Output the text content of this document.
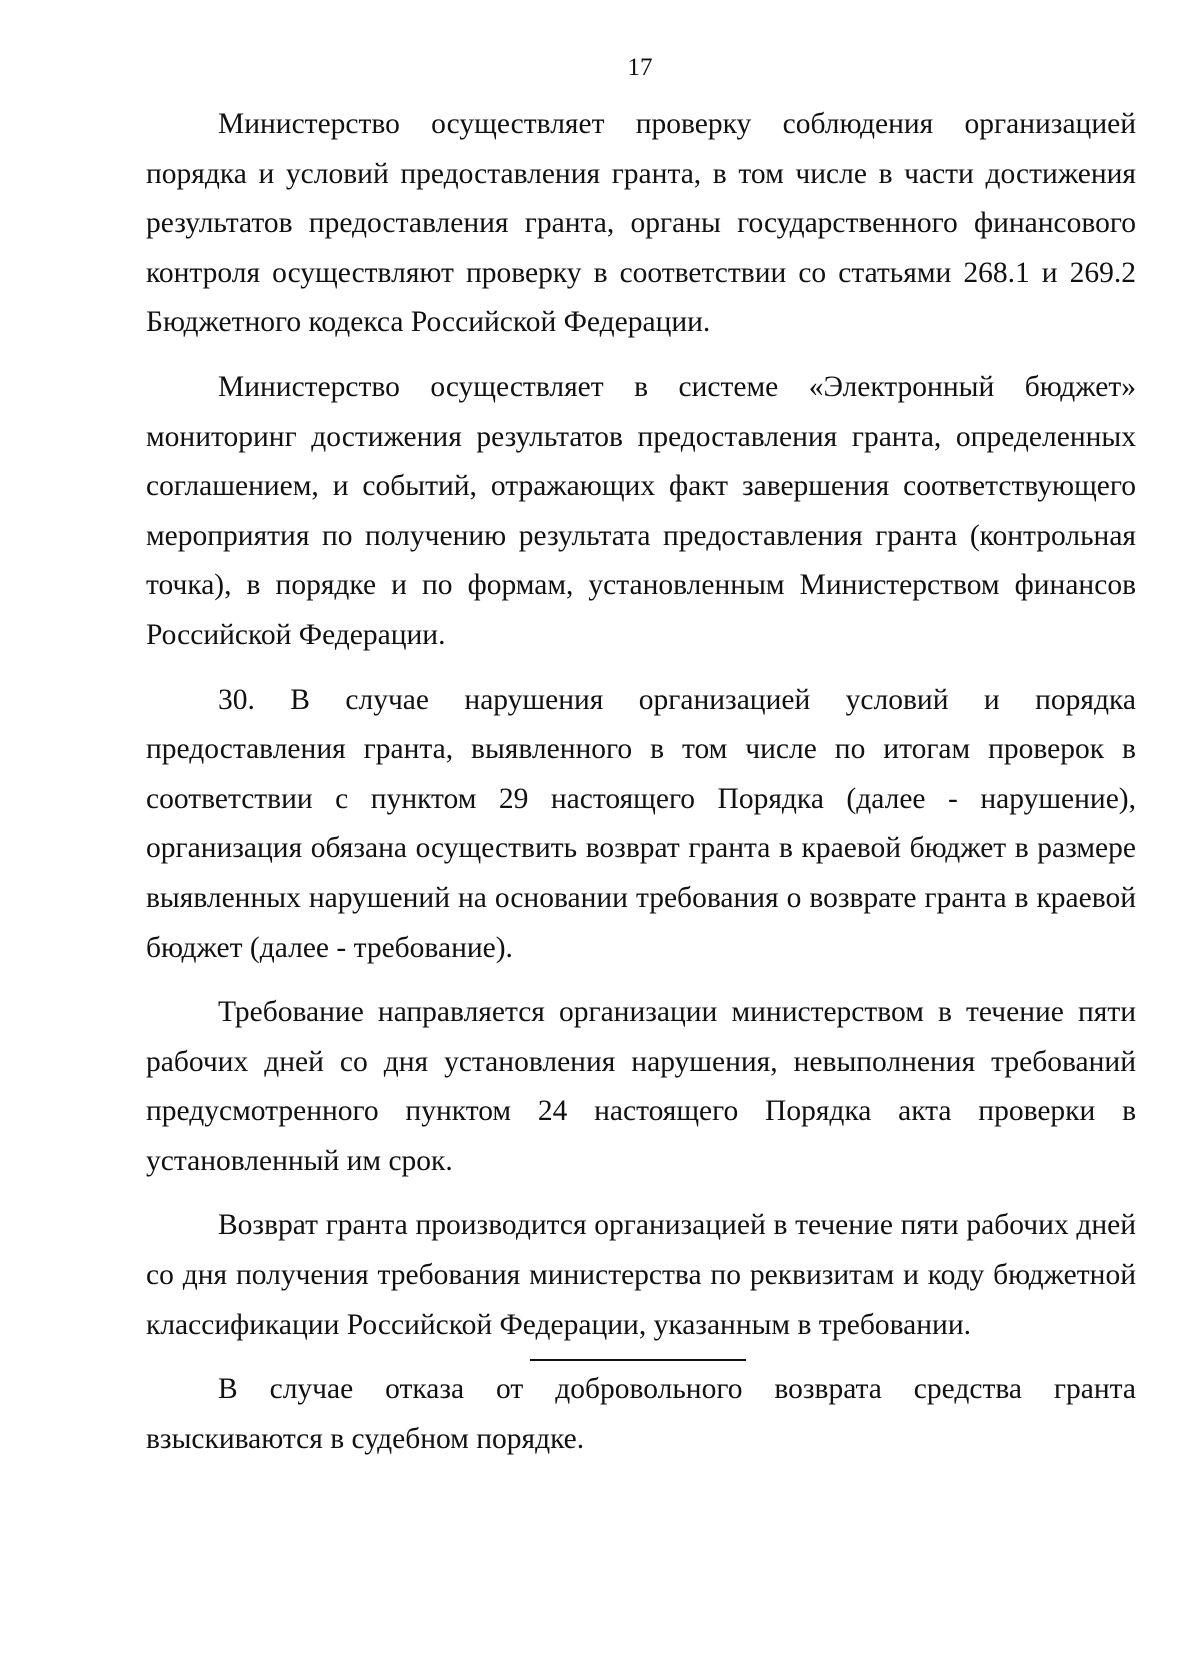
17

Министерство осуществляет проверку соблюдения организацией порядка и условий предоставления гранта, в том числе в части достижения результатов предоставления гранта, органы государственного финансового контроля осуществляют проверку в соответствии со статьями 268.1 и 269.2 Бюджетного кодекса Российской Федерации.

Министерство осуществляет в системе «Электронный бюджет» мониторинг достижения результатов предоставления гранта, определенных соглашением, и событий, отражающих факт завершения соответствующего мероприятия по получению результата предоставления гранта (контрольная точка), в порядке и по формам, установленным Министерством финансов Российской Федерации.

30. В случае нарушения организацией условий и порядка предоставления гранта, выявленного в том числе по итогам проверок в соответствии с пунктом 29 настоящего Порядка (далее - нарушение), организация обязана осуществить возврат гранта в краевой бюджет в размере выявленных нарушений на основании требования о возврате гранта в краевой бюджет (далее - требование).

Требование направляется организации министерством в течение пяти рабочих дней со дня установления нарушения, невыполнения требований предусмотренного пунктом 24 настоящего Порядка акта проверки в установленный им срок.

Возврат гранта производится организацией в течение пяти рабочих дней со дня получения требования министерства по реквизитам и коду бюджетной классификации Российской Федерации, указанным в требовании.

В случае отказа от добровольного возврата средства гранта взыскиваются в судебном порядке.
